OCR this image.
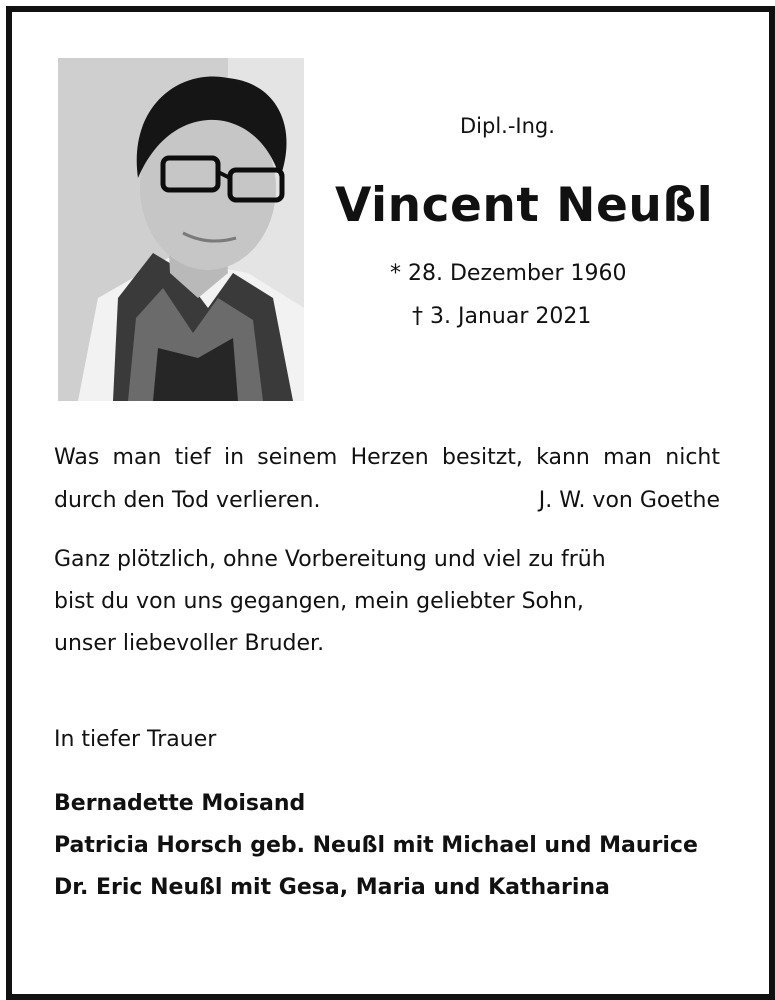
Dipl.-Ing.
Vincent Neußl
* 28. Dezember 1960
† 3. Januar 2021
Was man tief in seinem Herzen besitzt, kann man nicht
durch den Tod verlieren.	J. W. von Goethe
Ganz plötzlich, ohne Vorbereitung und viel zu früh
bist du von uns gegangen, mein geliebter Sohn,
unser liebevoller Bruder.
In tiefer Trauer
Bernadette Moisand
Patricia Horsch geb. Neußl mit Michael und Maurice
Dr. Eric Neußl mit Gesa, Maria und Katharina
